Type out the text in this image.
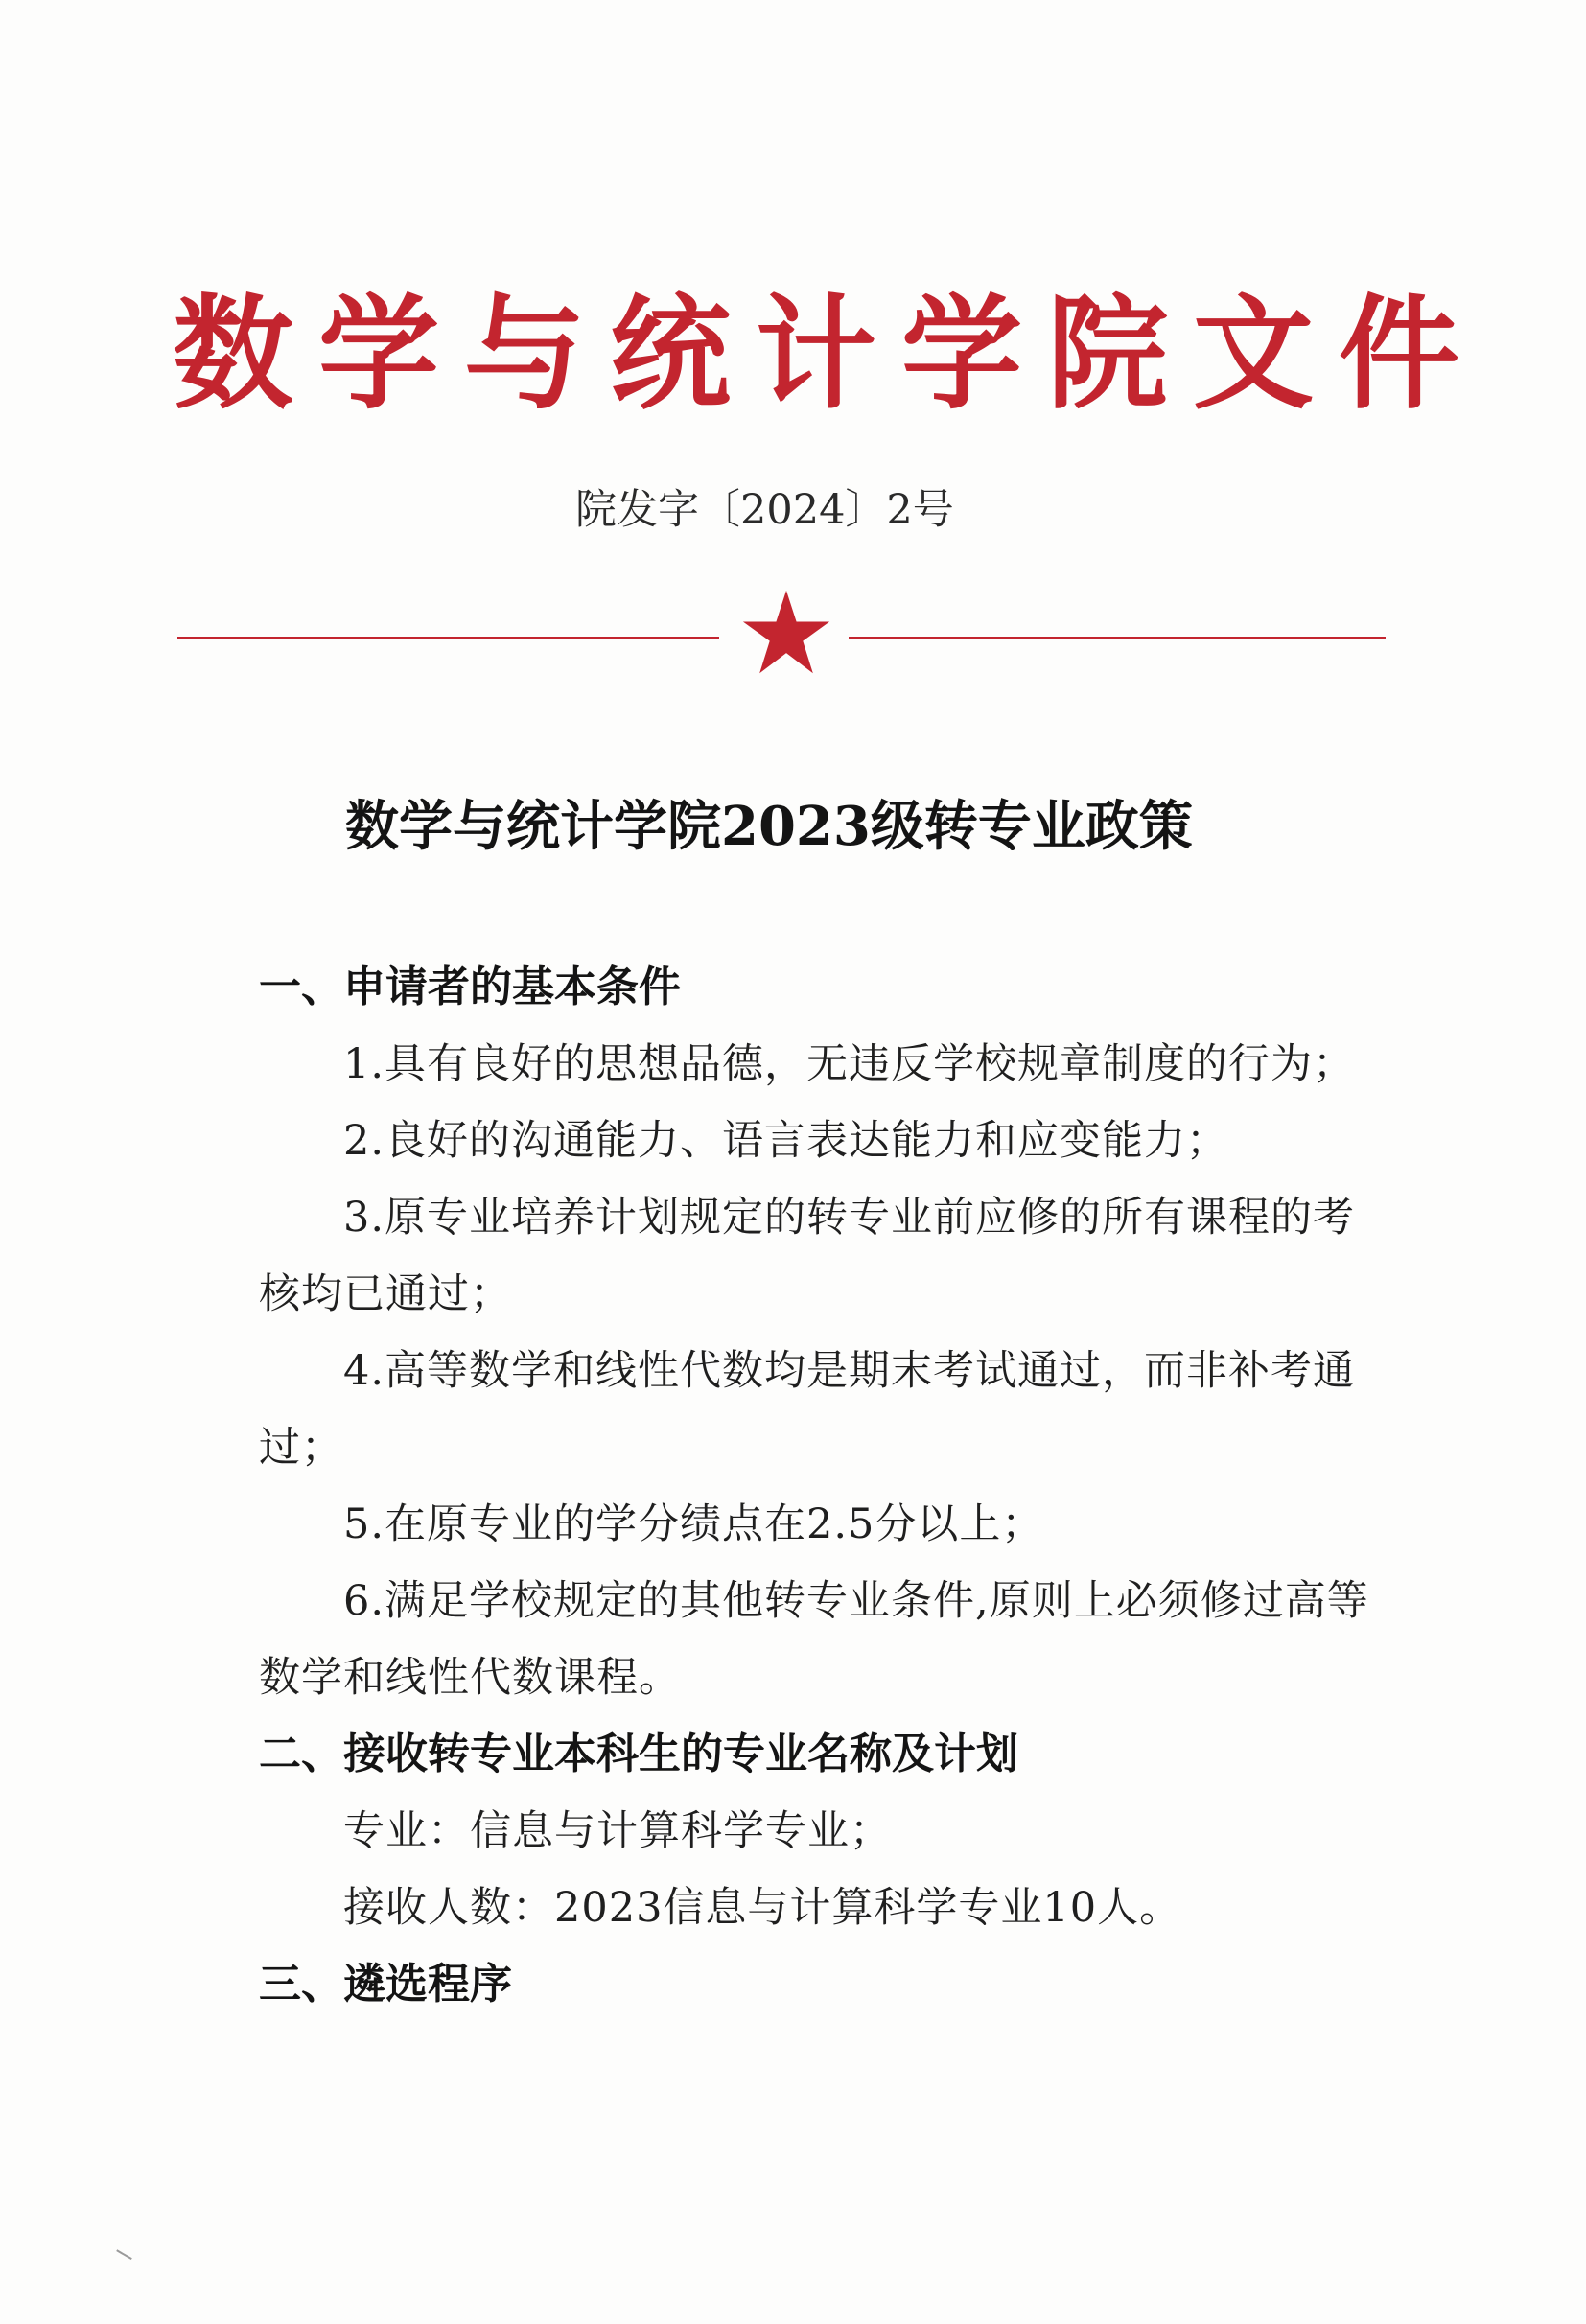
数学与统计学院文件
院发字〔2024〕2号
数学与统计学院2023级转专业政策
一、申请者的基本条件
1.具有良好的思想品德，无违反学校规章制度的行为；
2.良好的沟通能力、语言表达能力和应变能力；
3.原专业培养计划规定的转专业前应修的所有课程的考核均已通过；
4.高等数学和线性代数均是期末考试通过，而非补考通过；
5.在原专业的学分绩点在2.5分以上；
6.满足学校规定的其他转专业条件,原则上必须修过高等数学和线性代数课程。
二、接收转专业本科生的专业名称及计划
专业：信息与计算科学专业；
接收人数：2023信息与计算科学专业10人。
三、遴选程序
